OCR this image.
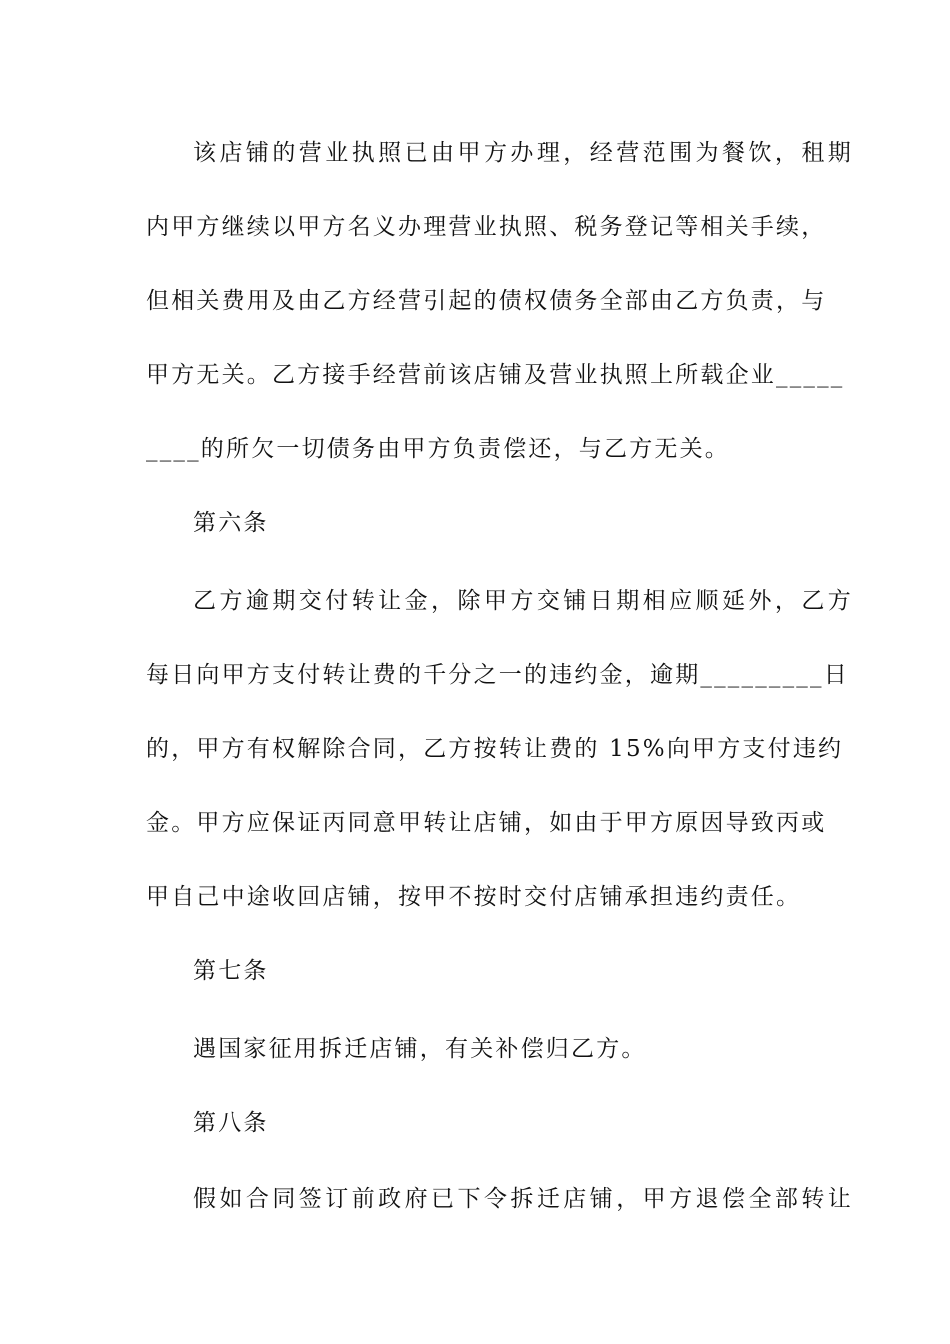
该店铺的营业执照已由甲方办理，经营范围为餐饮，租期
内甲方继续以甲方名义办理营业执照、税务登记等相关手续，
但相关费用及由乙方经营引起的债权债务全部由乙方负责，与
甲方无关。乙方接手经营前该店铺及营业执照上所载企业_____
____的所欠一切债务由甲方负责偿还，与乙方无关。
第六条
乙方逾期交付转让金，除甲方交铺日期相应顺延外，乙方
每日向甲方支付转让费的千分之一的违约金，逾期_________日
的，甲方有权解除合同，乙方按转让费的 15%向甲方支付违约
金。甲方应保证丙同意甲转让店铺，如由于甲方原因导致丙或
甲自己中途收回店铺，按甲不按时交付店铺承担违约责任。
第七条
遇国家征用拆迁店铺，有关补偿归乙方。
第八条
假如合同签订前政府已下令拆迁店铺，甲方退偿全部转让
